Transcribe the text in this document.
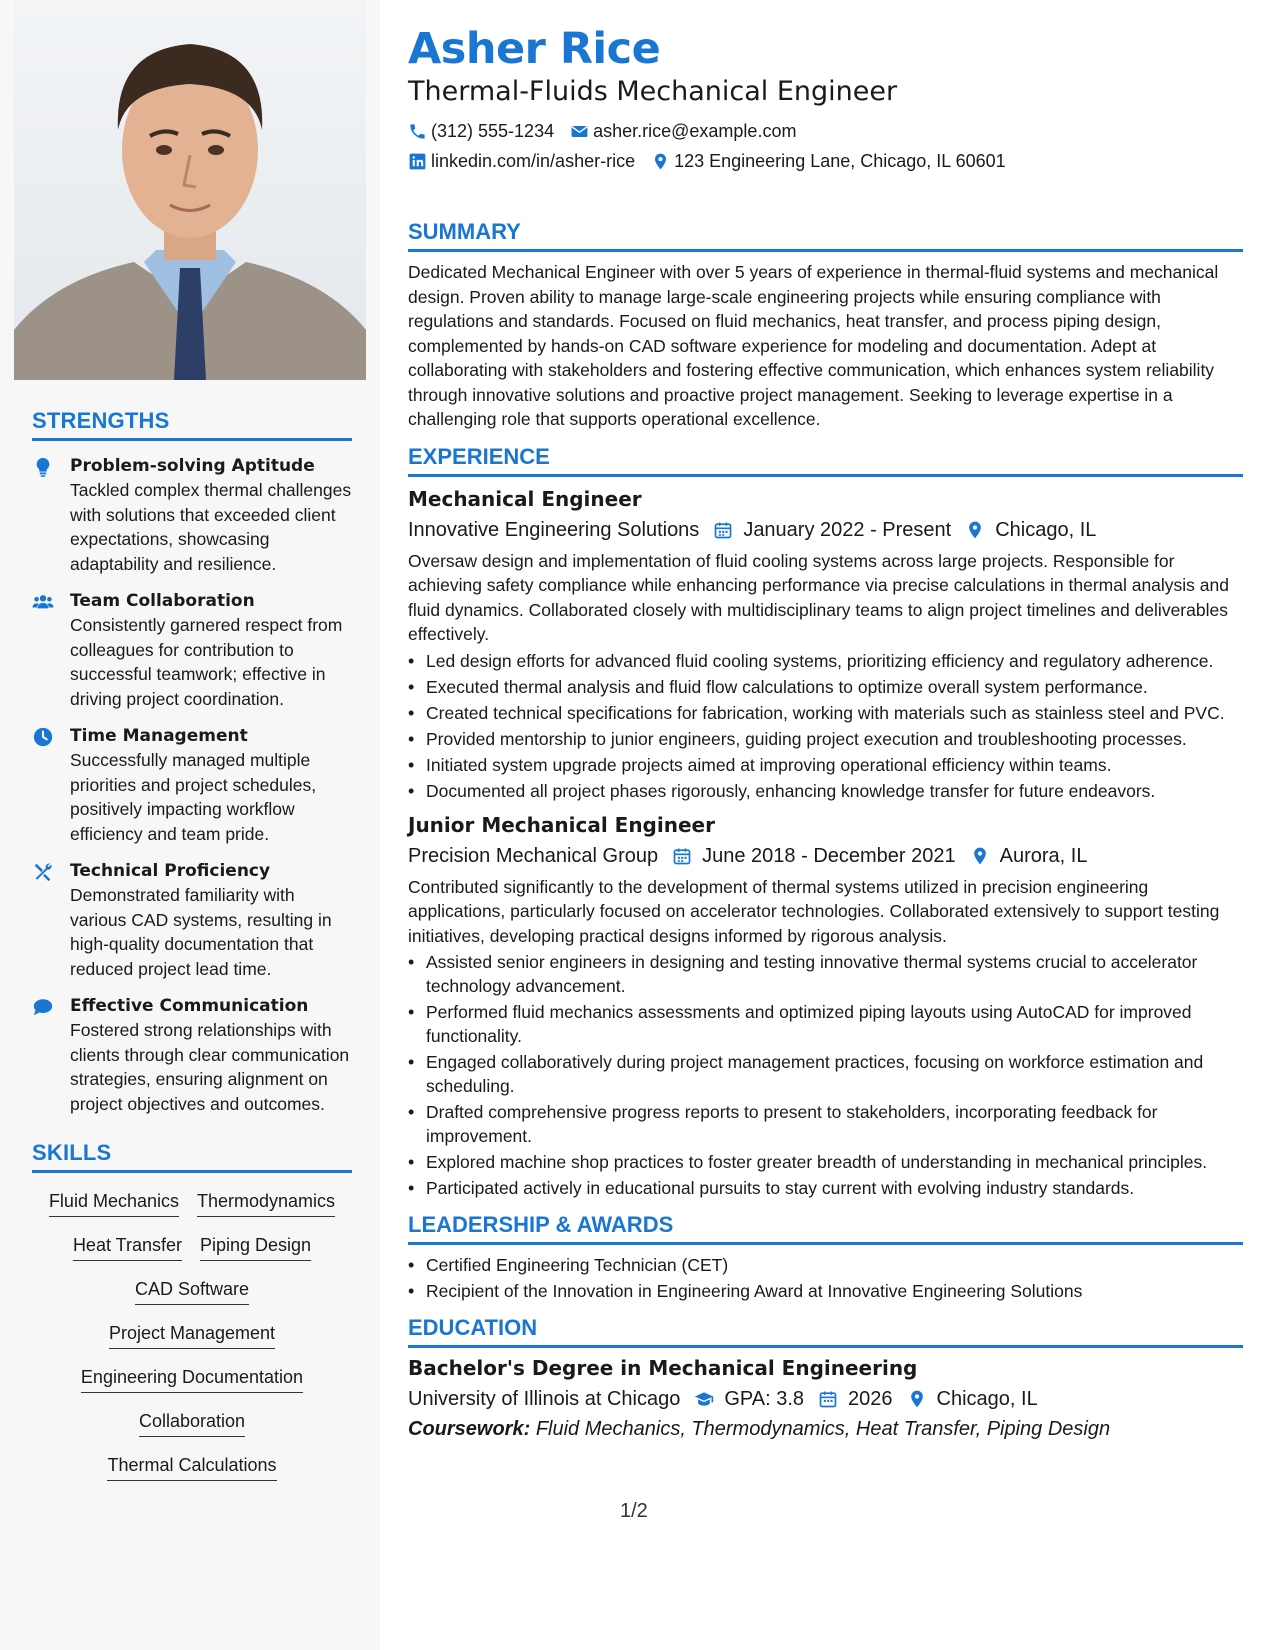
STRENGTHS
Problem-solving Aptitude
Tackled complex thermal challenges with solutions that exceeded client expectations, showcasing adaptability and resilience.
Team Collaboration
Consistently garnered respect from colleagues for contribution to successful teamwork; effective in driving project coordination.
Time Management
Successfully managed multiple priorities and project schedules, positively impacting workflow efficiency and team pride.
Technical Proficiency
Demonstrated familiarity with various CAD systems, resulting in high-quality documentation that reduced project lead time.
Effective Communication
Fostered strong relationships with clients through clear communication strategies, ensuring alignment on project objectives and outcomes.
SKILLS
Fluid Mechanics Thermodynamics
Heat Transfer Piping Design
CAD Software
Project Management
Engineering Documentation
Collaboration
Thermal Calculations
Asher Rice
Thermal-Fluids Mechanical Engineer
(312) 555-1234 asher.rice@example.com
linkedin.com/in/asher-rice 123 Engineering Lane, Chicago, IL 60601
SUMMARY
Dedicated Mechanical Engineer with over 5 years of experience in thermal-fluid systems and mechanical design. Proven ability to manage large-scale engineering projects while ensuring compliance with regulations and standards. Focused on fluid mechanics, heat transfer, and process piping design, complemented by hands-on CAD software experience for modeling and documentation. Adept at collaborating with stakeholders and fostering effective communication, which enhances system reliability through innovative solutions and proactive project management. Seeking to leverage expertise in a challenging role that supports operational excellence.
EXPERIENCE
Mechanical Engineer
Innovative Engineering Solutions January 2022 - Present Chicago, IL
Oversaw design and implementation of fluid cooling systems across large projects. Responsible for achieving safety compliance while enhancing performance via precise calculations in thermal analysis and fluid dynamics. Collaborated closely with multidisciplinary teams to align project timelines and deliverables effectively.
• Led design efforts for advanced fluid cooling systems, prioritizing efficiency and regulatory adherence.
• Executed thermal analysis and fluid flow calculations to optimize overall system performance.
• Created technical specifications for fabrication, working with materials such as stainless steel and PVC.
• Provided mentorship to junior engineers, guiding project execution and troubleshooting processes.
• Initiated system upgrade projects aimed at improving operational efficiency within teams.
• Documented all project phases rigorously, enhancing knowledge transfer for future endeavors.
Junior Mechanical Engineer
Precision Mechanical Group June 2018 - December 2021 Aurora, IL
Contributed significantly to the development of thermal systems utilized in precision engineering applications, particularly focused on accelerator technologies. Collaborated extensively to support testing initiatives, developing practical designs informed by rigorous analysis.
• Assisted senior engineers in designing and testing innovative thermal systems crucial to accelerator technology advancement.
• Performed fluid mechanics assessments and optimized piping layouts using AutoCAD for improved functionality.
• Engaged collaboratively during project management practices, focusing on workforce estimation and scheduling.
• Drafted comprehensive progress reports to present to stakeholders, incorporating feedback for improvement.
• Explored machine shop practices to foster greater breadth of understanding in mechanical principles.
• Participated actively in educational pursuits to stay current with evolving industry standards.
LEADERSHIP & AWARDS
• Certified Engineering Technician (CET)
• Recipient of the Innovation in Engineering Award at Innovative Engineering Solutions
EDUCATION
Bachelor's Degree in Mechanical Engineering
University of Illinois at Chicago GPA: 3.8 2026 Chicago, IL
Coursework: Fluid Mechanics, Thermodynamics, Heat Transfer, Piping Design
1/2
